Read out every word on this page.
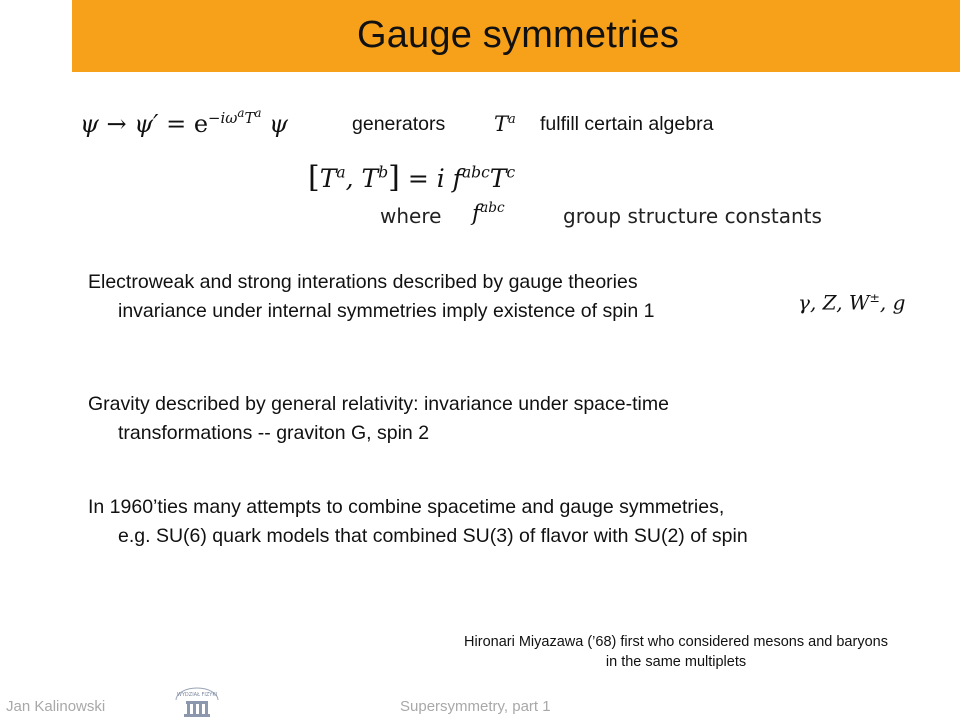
Gauge symmetries
$\psi \to \psi' = e^{-i\omega^aT^a}$ ψ	generators $T^a$ fulfill certain algebra
[$T^a$, $T^b] = i$ $f^{abc}T^c$
where $f^{abc}$	group structure constants
Electroweak and strong interations described by gauge theories
invariance under internal symmetries imply existence of spin 1	γ, Z, W±, g
Gravity described by general relativity: invariance under space-time
transformations -- graviton G, spin 2
In 1960’ties many attempts to combine spacetime and gauge symmetries,
e.g. SU(6) quark models that combined SU(3) of flavor with SU(2) of spin
Hironari Miyazawa (’68) first who considered mesons and baryons
in the same multiplets
Jan Kalinowski
WYDZIAŁ FIZYKI
Supersymmetry, part 1
